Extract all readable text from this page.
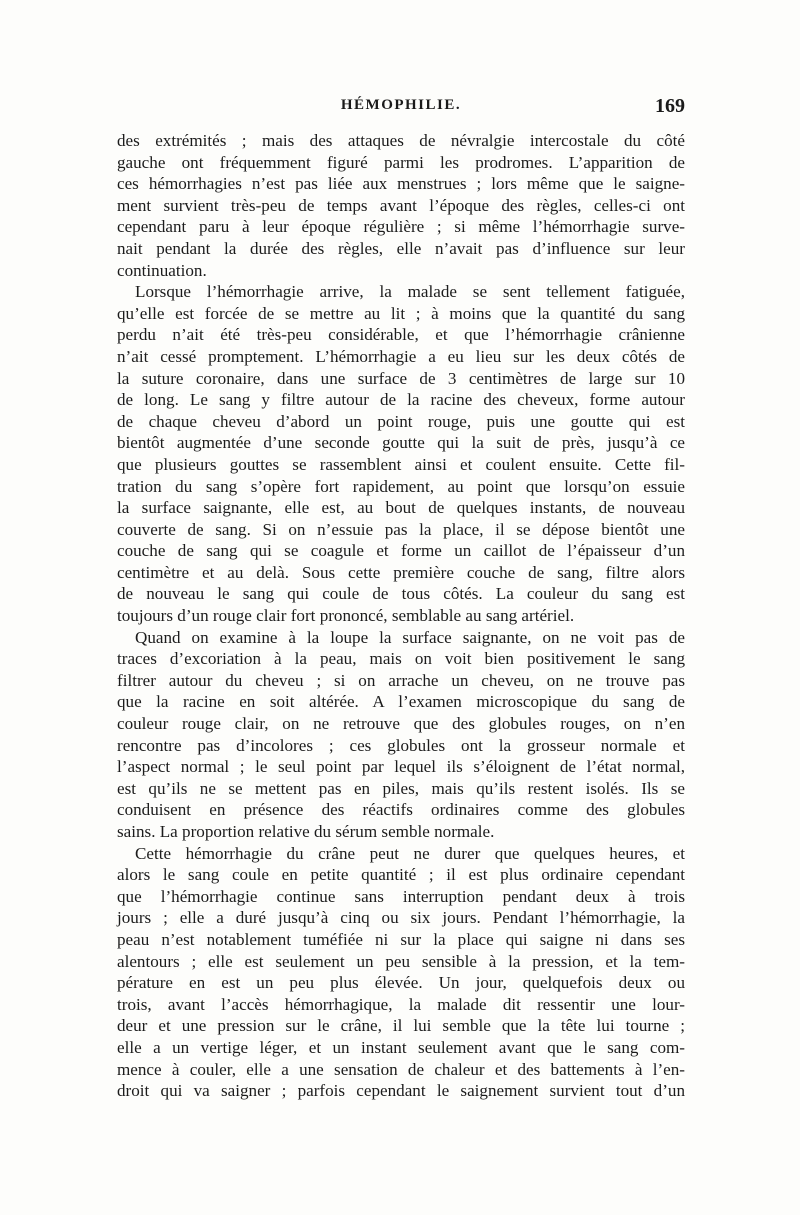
HÉMOPHILIE.	169
des extrémités ; mais des attaques de névralgie intercostale du côté
gauche ont fréquemment figuré parmi les prodromes. L’apparition de
ces hémorrhagies n’est pas liée aux menstrues ; lors même que le saigne-
ment survient très-peu de temps avant l’époque des règles, celles-ci ont
cependant paru à leur époque régulière ; si même l’hémorrhagie surve-
nait pendant la durée des règles, elle n’avait pas d’influence sur leur
continuation.
Lorsque l’hémorrhagie arrive, la malade se sent tellement fatiguée,
qu’elle est forcée de se mettre au lit ; à moins que la quantité du sang
perdu n’ait été très-peu considérable, et que l’hémorrhagie crânienne
n’ait cessé promptement. L’hémorrhagie a eu lieu sur les deux côtés de
la suture coronaire, dans une surface de 3 centimètres de large sur 10
de long. Le sang y filtre autour de la racine des cheveux, forme autour
de chaque cheveu d’abord un point rouge, puis une goutte qui est
bientôt augmentée d’une seconde goutte qui la suit de près, jusqu’à ce
que plusieurs gouttes se rassemblent ainsi et coulent ensuite. Cette fil-
tration du sang s’opère fort rapidement, au point que lorsqu’on essuie
la surface saignante, elle est, au bout de quelques instants, de nouveau
couverte de sang. Si on n’essuie pas la place, il se dépose bientôt une
couche de sang qui se coagule et forme un caillot de l’épaisseur d’un
centimètre et au delà. Sous cette première couche de sang, filtre alors
de nouveau le sang qui coule de tous côtés. La couleur du sang est
toujours d’un rouge clair fort prononcé, semblable au sang artériel.
Quand on examine à la loupe la surface saignante, on ne voit pas de
traces d’excoriation à la peau, mais on voit bien positivement le sang
filtrer autour du cheveu ; si on arrache un cheveu, on ne trouve pas
que la racine en soit altérée. A l’examen microscopique du sang de
couleur rouge clair, on ne retrouve que des globules rouges, on n’en
rencontre pas d’incolores ; ces globules ont la grosseur normale et
l’aspect normal ; le seul point par lequel ils s’éloignent de l’état normal,
est qu’ils ne se mettent pas en piles, mais qu’ils restent isolés. Ils se
conduisent en présence des réactifs ordinaires comme des globules
sains. La proportion relative du sérum semble normale.
Cette hémorrhagie du crâne peut ne durer que quelques heures, et
alors le sang coule en petite quantité ; il est plus ordinaire cependant
que l’hémorrhagie continue sans interruption pendant deux à trois
jours ; elle a duré jusqu’à cinq ou six jours. Pendant l’hémorrhagie, la
peau n’est notablement tuméfiée ni sur la place qui saigne ni dans ses
alentours ; elle est seulement un peu sensible à la pression, et la tem-
pérature en est un peu plus élevée. Un jour, quelquefois deux ou
trois, avant l’accès hémorrhagique, la malade dit ressentir une lour-
deur et une pression sur le crâne, il lui semble que la tête lui tourne ;
elle a un vertige léger, et un instant seulement avant que le sang com-
mence à couler, elle a une sensation de chaleur et des battements à l’en-
droit qui va saigner ; parfois cependant le saignement survient tout d’un
